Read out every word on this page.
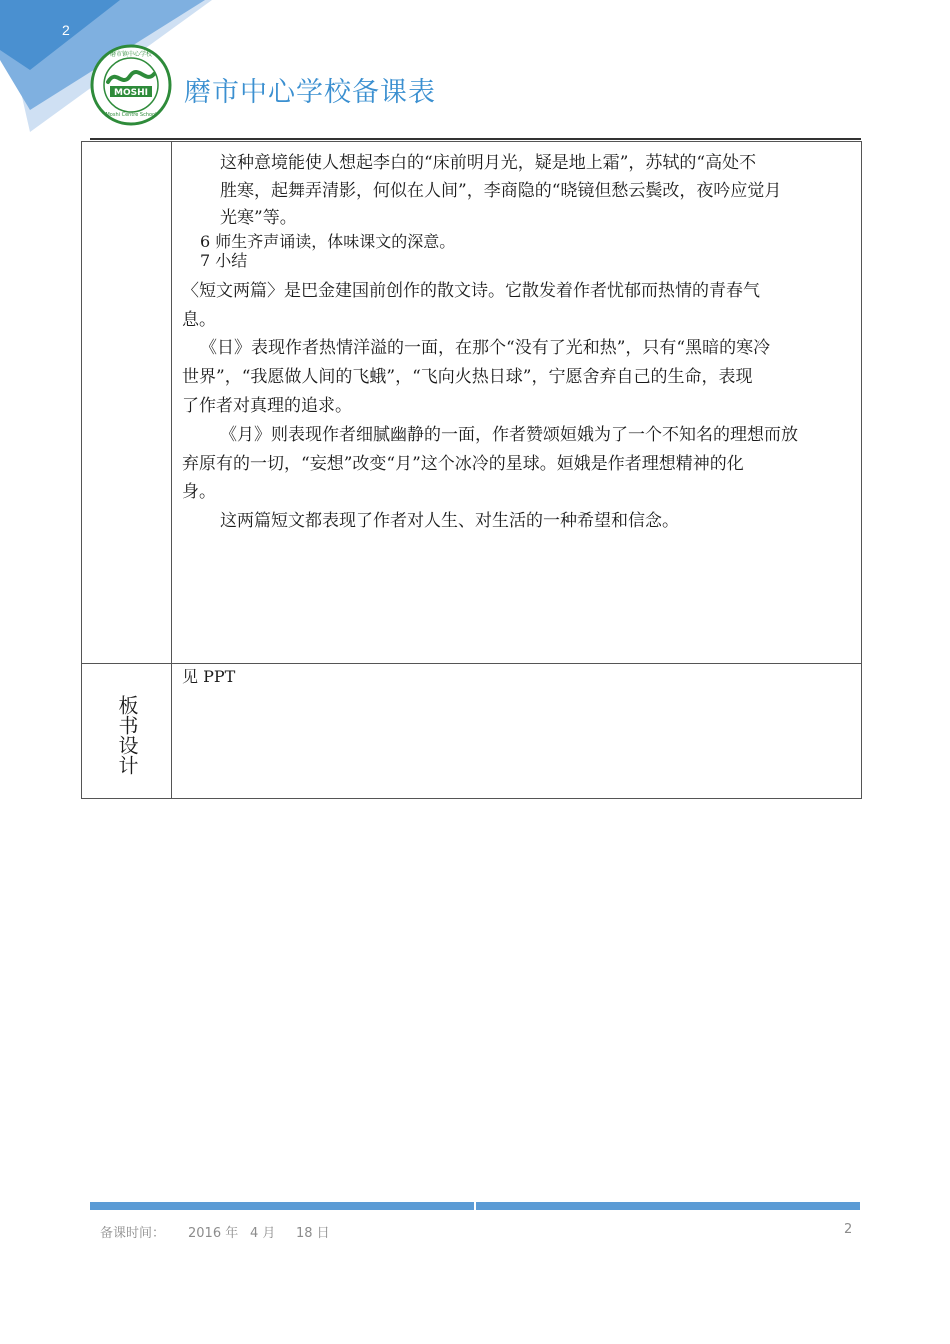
2
MOSHI
磨市镇中心学校
Moshi Centre School
磨市中心学校备课表
这种意境能使人想起李白的“床前明月光，疑是地上霜”，苏轼的“高处不
胜寒，起舞弄清影，何似在人间”，李商隐的“晓镜但愁云鬓改，夜吟应觉月
光寒”等。
6 师生齐声诵读，体味课文的深意。
7 小结
〈短文两篇〉是巴金建国前创作的散文诗。它散发着作者忧郁而热情的青春气
息。
《日》表现作者热情洋溢的一面，在那个“没有了光和热”，只有“黑暗的寒冷
世界”，“我愿做人间的飞蛾”，“飞向火热日球”，宁愿舍弃自己的生命，表现
了作者对真理的追求。
《月》则表现作者细腻幽静的一面，作者赞颂姮娥为了一个不知名的理想而放
弃原有的一切，“妄想”改变“月”这个冰冷的星球。姮娥是作者理想精神的化
身。
这两篇短文都表现了作者对人生、对生活的一种希望和信念。
板书设计
见 PPT
备课时间： 2016 年 4 月 18 日	2
